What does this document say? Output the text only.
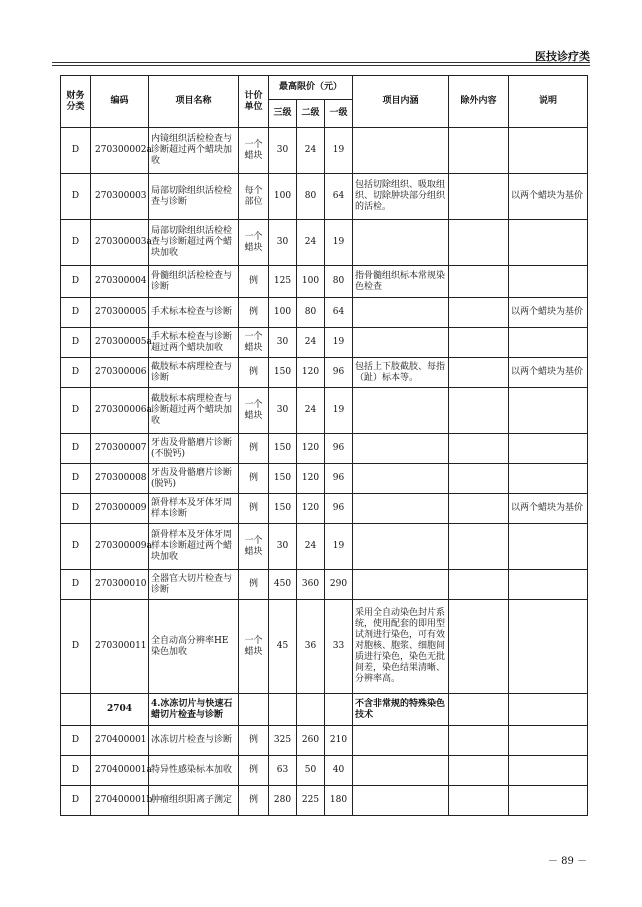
医技诊疗类
财务分类	编码	项目名称	计价单位	最高限价（元）			项目内涵	除外内容	说明
				三级	二级	一级			
D	270300002a	内镜组织活检检查与诊断超过两个蜡块加收	一个蜡块	30	24	19			
D	270300003	局部切除组织活检检查与诊断	每个部位	100	80	64	包括切除组织、吸取组织、切除肿块部分组织的活检。		以两个蜡块为基价
D	270300003a	局部切除组织活检检查与诊断超过两个蜡块加收	一个蜡块	30	24	19			
D	270300004	骨髓组织活检检查与诊断	例	125	100	80	指骨髓组织标本常规染色检查		
D	270300005	手术标本检查与诊断	例	100	80	64			以两个蜡块为基价
D	270300005a	手术标本检查与诊断超过两个蜡块加收	一个蜡块	30	24	19			
D	270300006	截肢标本病理检查与诊断	例	150	120	96	包括上下肢截肢、每指（趾）标本等。		以两个蜡块为基价
D	270300006a	截肢标本病理检查与诊断超过两个蜡块加收	一个蜡块	30	24	19			
D	270300007	牙齿及骨骼磨片诊断(不脱钙)	例	150	120	96			
D	270300008	牙齿及骨骼磨片诊断(脱钙)	例	150	120	96			
D	270300009	颌骨样本及牙体牙周样本诊断	例	150	120	96			以两个蜡块为基价
D	270300009a	颌骨样本及牙体牙周样本诊断超过两个蜡块加收	一个蜡块	30	24	19			
D	270300010	全器官大切片检查与诊断	例	450	360	290			
D	270300011	全自动高分辨率HE染色加收	一个蜡块	45	36	33	采用全自动染色封片系统，使用配套的即用型试剂进行染色，可有效对胞核、胞浆、细胞间质进行染色，染色无批间差，染色结果清晰、分辨率高。		
	2704	4.冰冻切片与快速石蜡切片检查与诊断					不含非常规的特殊染色技术		
D	270400001	冰冻切片检查与诊断	例	325	260	210			
D	270400001a	特异性感染标本加收	例	63	50	40			
D	270400001b	肿瘤组织阳离子测定	例	280	225	180			
－ 89 －
